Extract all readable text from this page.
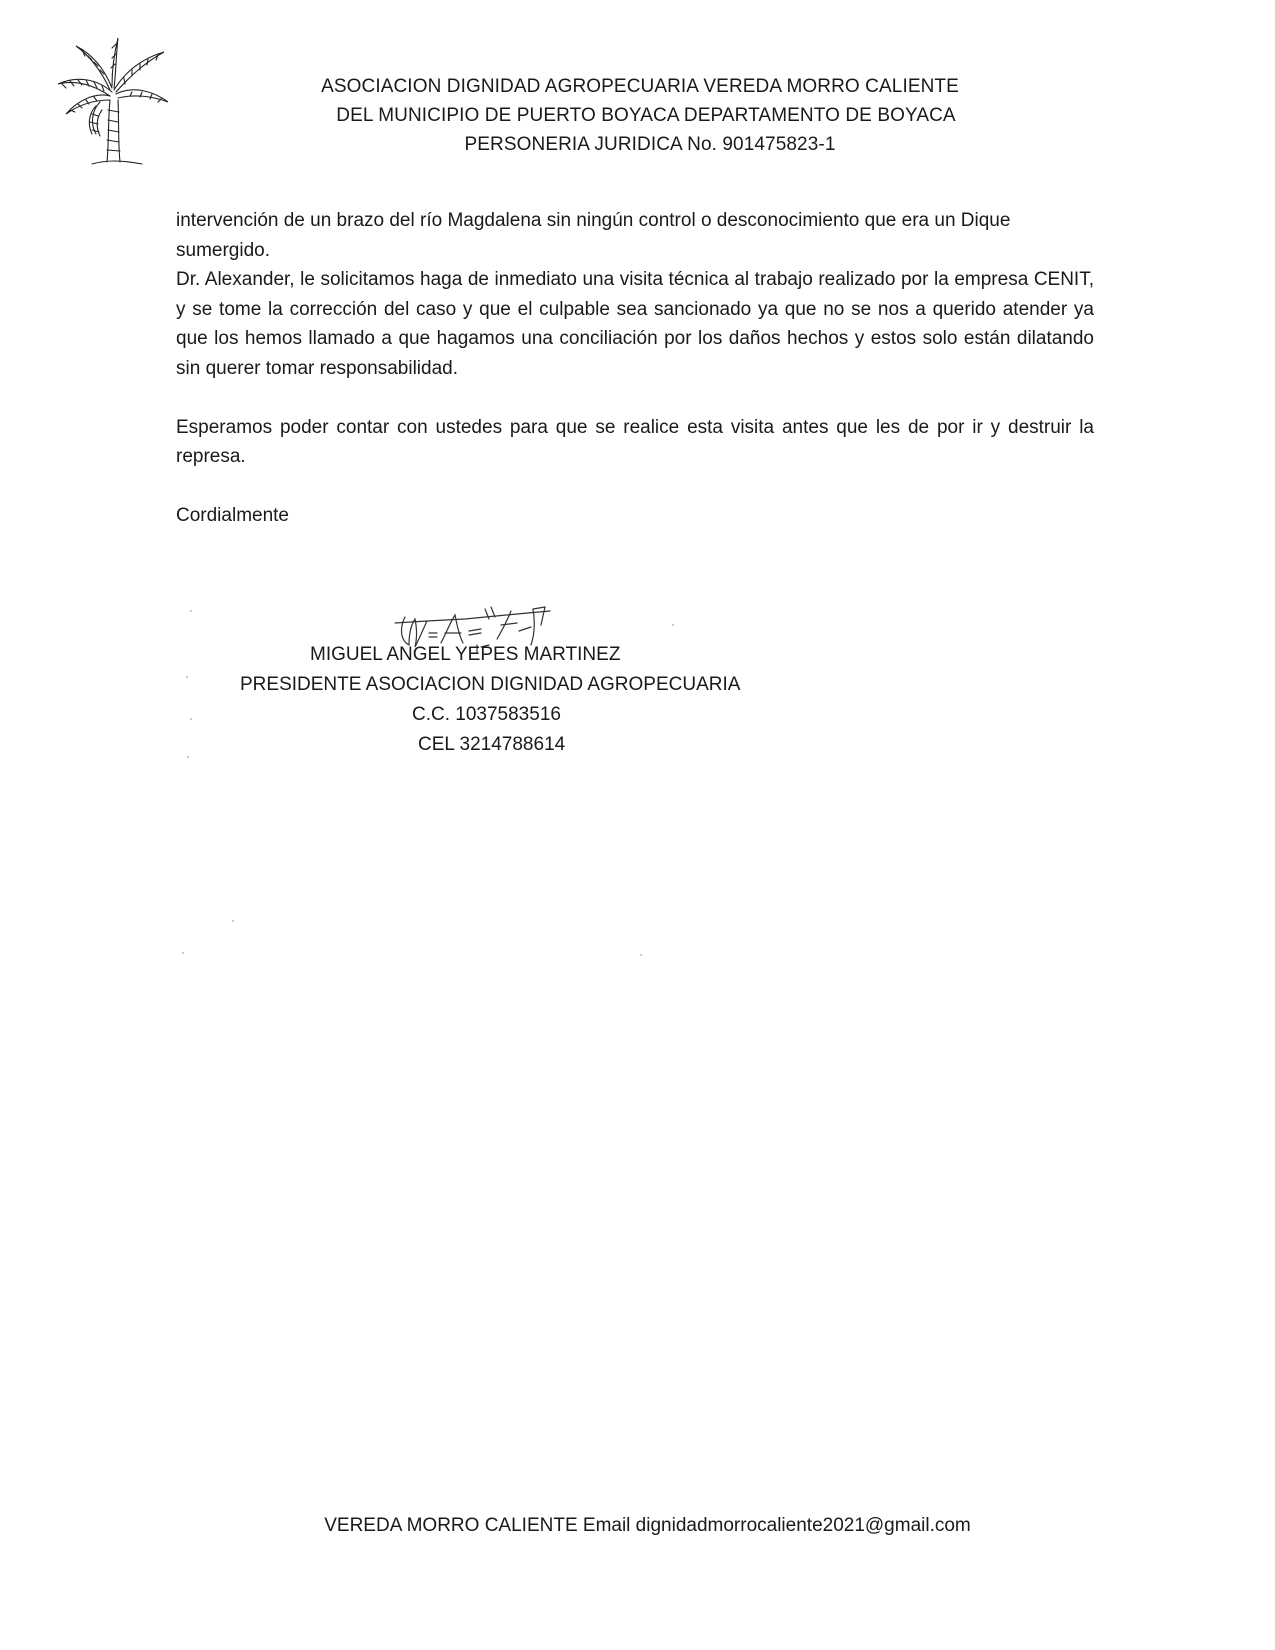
ASOCIACION DIGNIDAD AGROPECUARIA VEREDA MORRO CALIENTE
DEL MUNICIPIO DE PUERTO BOYACA DEPARTAMENTO DE BOYACA
PERSONERIA JURIDICA No. 901475823-1

intervención de un brazo del río Magdalena sin ningún control o desconocimiento que era un Dique sumergido.

Dr. Alexander, le solicitamos haga de inmediato una visita técnica al trabajo realizado por la empresa CENIT, y se tome la corrección del caso y que el culpable sea sancionado ya que no se nos a querido atender ya que los hemos llamado a que hagamos una conciliación por los daños hechos y estos solo están dilatando sin querer tomar responsabilidad.

Esperamos poder contar con ustedes para que se realice esta visita antes que les de por ir y destruir la represa.

Cordialmente

MIGUEL ANGEL YEPES MARTINEZ
PRESIDENTE ASOCIACION DIGNIDAD AGROPECUARIA
C.C. 1037583516
CEL 3214788614
VEREDA MORRO CALIENTE Email dignidadmorrocaliente2021@gmail.com
